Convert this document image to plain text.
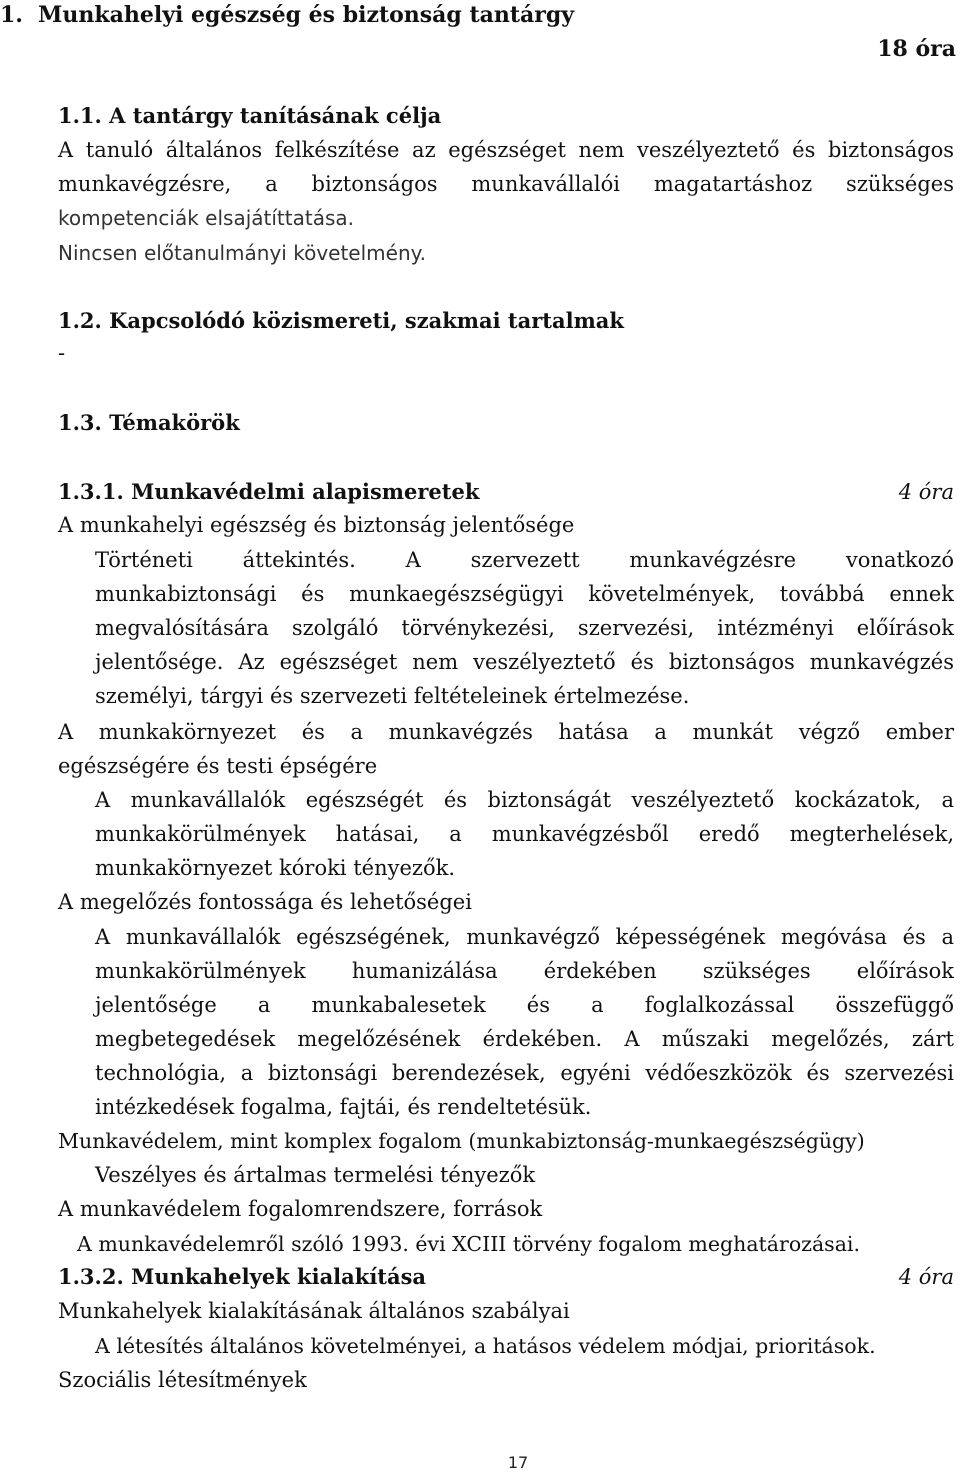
1. Munkahelyi egészség és biztonság tantárgy

18 óra

1.1. A tantárgy tanításának célja

A tanuló általános felkészítése az egészséget nem veszélyeztető és biztonságos

munkavégzésre, a biztonságos munkavállalói magatartáshoz szükséges

kompetenciák elsajátíttatása.

Nincsen előtanulmányi követelmény.

1.2. Kapcsolódó közismereti, szakmai tartalmak

-

1.3. Témakörök

1.3.1. Munkavédelmi alapismeretek	4 óra

A munkahelyi egészség és biztonság jelentősége

Történeti áttekintés. A szervezett munkavégzésre vonatkozó

munkabiztonsági és munkaegészségügyi követelmények, továbbá ennek

megvalósítására szolgáló törvénykezési, szervezési, intézményi előírások

jelentősége. Az egészséget nem veszélyeztető és biztonságos munkavégzés

személyi, tárgyi és szervezeti feltételeinek értelmezése.

A munkakörnyezet és a munkavégzés hatása a munkát végző ember

egészségére és testi épségére

A munkavállalók egészségét és biztonságát veszélyeztető kockázatok, a

munkakörülmények hatásai, a munkavégzésből eredő megterhelések,

munkakörnyezet kóroki tényezők.

A megelőzés fontossága és lehetőségei

A munkavállalók egészségének, munkavégző képességének megóvása és a

munkakörülmények humanizálása érdekében szükséges előírások

jelentősége a munkabalesetek és a foglalkozással összefüggő

megbetegedések megelőzésének érdekében. A műszaki megelőzés, zárt

technológia, a biztonsági berendezések, egyéni védőeszközök és szervezési

intézkedések fogalma, fajtái, és rendeltetésük.

Munkavédelem, mint komplex fogalom (munkabiztonság-munkaegészségügy)

Veszélyes és ártalmas termelési tényezők

A munkavédelem fogalomrendszere, források

A munkavédelemről szóló 1993. évi XCIII törvény fogalom meghatározásai.

1.3.2. Munkahelyek kialakítása	4 óra

Munkahelyek kialakításának általános szabályai

A létesítés általános követelményei, a hatásos védelem módjai, prioritások.

Szociális létesítmények

17
